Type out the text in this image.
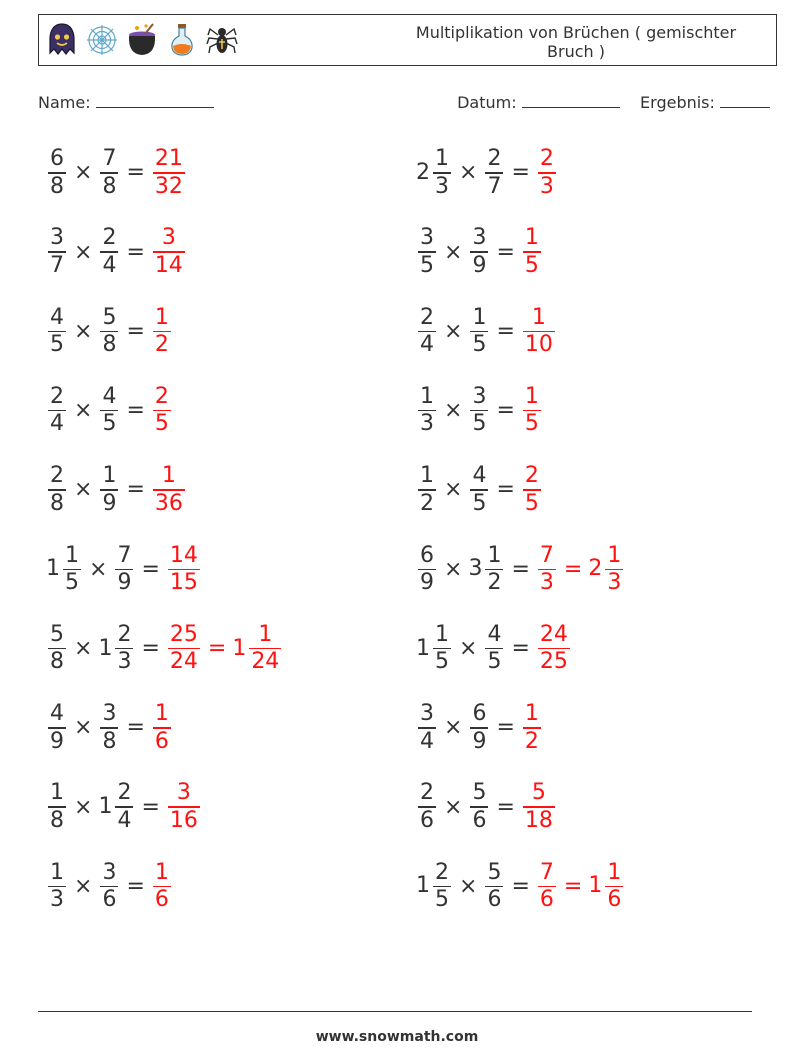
Multiplikation von Brüchen ( gemischter Bruch )
Name:	Datum:	Ergebnis:
$\frac{6}{8} \times \frac{7}{8} = \frac{21}{32}$	$2 \frac{1}{3} \times \frac{2}{7} = \frac{2}{3}$
$\frac{3}{7} \times \frac{2}{4} = \frac{3}{14}$	$\frac{3}{5} \times \frac{3}{9} = \frac{1}{5}$
$\frac{4}{5} \times \frac{5}{8} = \frac{1}{2}$	$\frac{2}{4} \times \frac{1}{5} = \frac{1}{10}$
$\frac{2}{4} \times \frac{4}{5} = \frac{2}{5}$	$\frac{1}{3} \times \frac{3}{5} = \frac{1}{5}$
$\frac{2}{8} \times \frac{1}{9} = \frac{1}{36}$	$\frac{1}{2} \times \frac{4}{5} = \frac{2}{5}$
$1 \frac{1}{5} \times \frac{7}{9} = \frac{14}{15}$	$\frac{6}{9} \times 3 \frac{1}{2} = \frac{7}{3} = 2 \frac{1}{3}$
$\frac{5}{8} \times 1 \frac{2}{3} = \frac{25}{24} = 1 \frac{1}{24}$	$1 \frac{1}{5} \times \frac{4}{5} = \frac{24}{25}$
$\frac{4}{9} \times \frac{3}{8} = \frac{1}{6}$	$\frac{3}{4} \times \frac{6}{9} = \frac{1}{2}$
$\frac{1}{8} \times 1 \frac{2}{4} = \frac{3}{16}$	$\frac{2}{6} \times \frac{5}{6} = \frac{5}{18}$
$\frac{1}{3} \times \frac{3}{6} = \frac{1}{6}$	$1 \frac{2}{5} \times \frac{5}{6} = \frac{7}{6} = 1 \frac{1}{6}$
www.snowmath.com
